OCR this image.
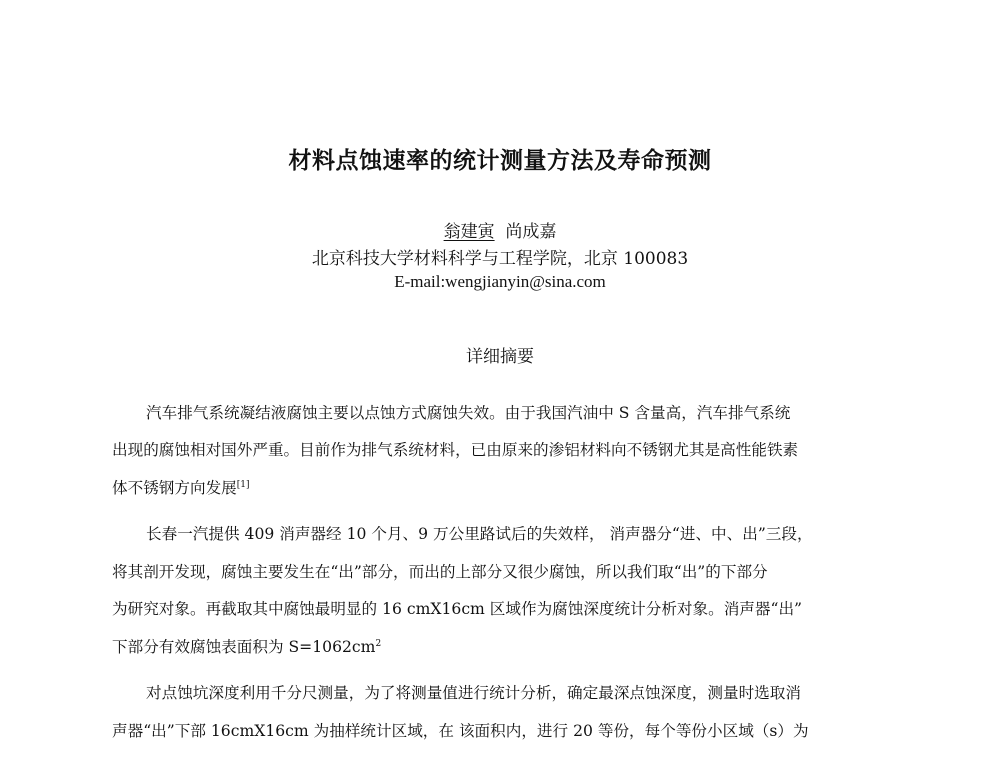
材料点蚀速率的统计测量方法及寿命预测
翁建寅 尚成嘉
北京科技大学材料科学与工程学院，北京 100083
E-mail:wengjianyin@sina.com
详细摘要
汽车排气系统凝结液腐蚀主要以点蚀方式腐蚀失效。由于我国汽油中 S 含量高，汽车排气系统
出现的腐蚀相对国外严重。目前作为排气系统材料，已由原来的渗铝材料向不锈钢尤其是高性能铁素
体不锈钢方向发展[1]
长春一汽提供 409 消声器经 10 个月、9 万公里路试后的失效样， 消声器分“进、中、出”三段，
将其剖开发现，腐蚀主要发生在“出”部分，而出的上部分又很少腐蚀，所以我们取“出”的下部分
为研究对象。再截取其中腐蚀最明显的 16 cmX16cm 区域作为腐蚀深度统计分析对象。消声器“出”
下部分有效腐蚀表面积为 $S=1062cm^2$
对点蚀坑深度利用千分尺测量，为了将测量值进行统计分析，确定最深点蚀深度，测量时选取消
声器“出”下部 16cmX16cm 为抽样统计区域，在 该面积内，进行 20 等份，每个等份小区域（s）为
